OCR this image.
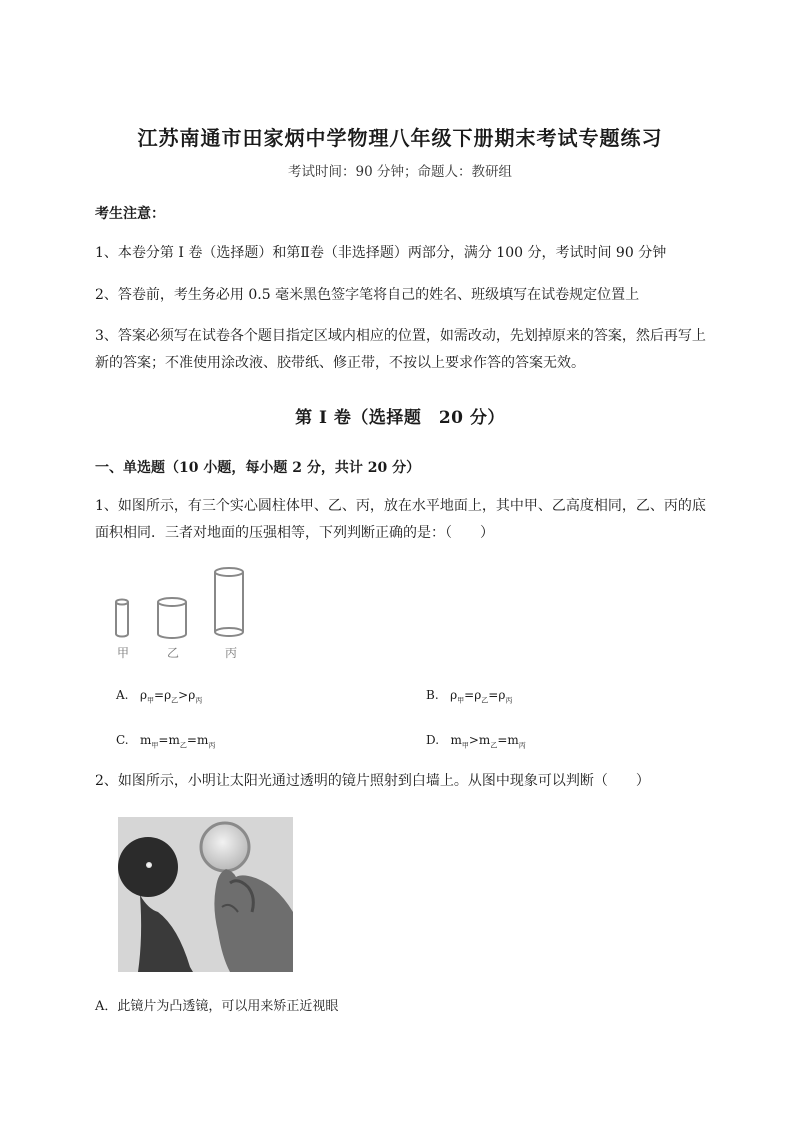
江苏南通市田家炳中学物理八年级下册期末考试专题练习
考试时间：90 分钟；命题人：教研组
考生注意：
1、本卷分第 I 卷（选择题）和第Ⅱ卷（非选择题）两部分，满分 100 分，考试时间 90 分钟
2、答卷前，考生务必用 0.5 毫米黑色签字笔将自己的姓名、班级填写在试卷规定位置上
3、答案必须写在试卷各个题目指定区域内相应的位置，如需改动，先划掉原来的答案，然后再写上新的答案；不准使用涂改液、胶带纸、修正带，不按以上要求作答的答案无效。
第 I 卷（选择题　20 分）
一、单选题（10 小题，每小题 2 分，共计 20 分）
1、如图所示，有三个实心圆柱体甲、乙、丙，放在水平地面上，其中甲、乙高度相同，乙、丙的底面积相同．三者对地面的压强相等，下列判断正确的是：（　　）
甲	乙	丙
A. $\rho_甲=\rho_乙>\rho_丙$	B. $\rho_甲=\rho_乙=\rho_丙$
C. $m_甲=m_乙=m_丙$	D. $m_甲>m_乙=m_丙$
2、如图所示，小明让太阳光通过透明的镜片照射到白墙上。从图中现象可以判断（　　）
A．此镜片为凸透镜，可以用来矫正近视眼
